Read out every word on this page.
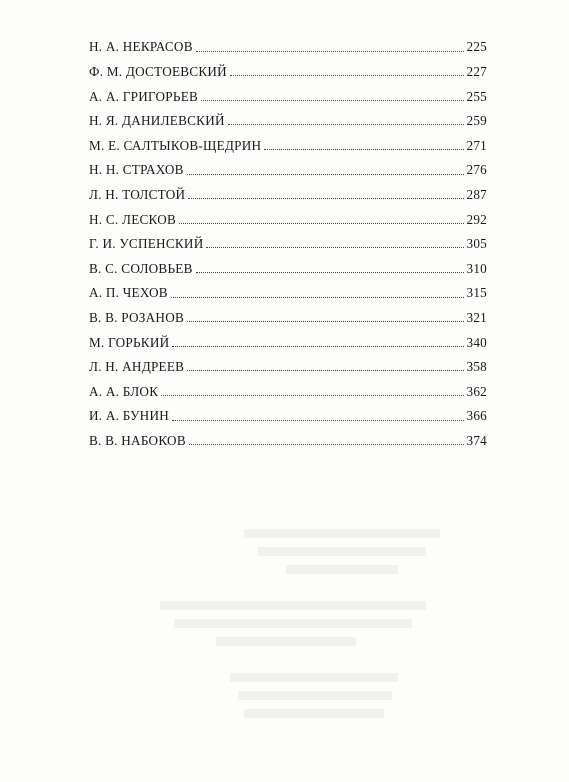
Н. А. НЕКРАСОВ	225
Ф. М. ДОСТОЕВСКИЙ	227
А. А. ГРИГОРЬЕВ	255
Н. Я. ДАНИЛЕВСКИЙ	259
М. Е. САЛТЫКОВ-ЩЕДРИН	271
Н. Н. СТРАХОВ	276
Л. Н. ТОЛСТОЙ	287
Н. С. ЛЕСКОВ	292
Г. И. УСПЕНСКИЙ	305
В. С. СОЛОВЬЕВ	310
А. П. ЧЕХОВ	315
В. В. РОЗАНОВ	321
М. ГОРЬКИЙ	340
Л. Н. АНДРЕЕВ	358
А. А. БЛОК	362
И. А. БУНИН	366
В. В. НАБОКОВ	374
